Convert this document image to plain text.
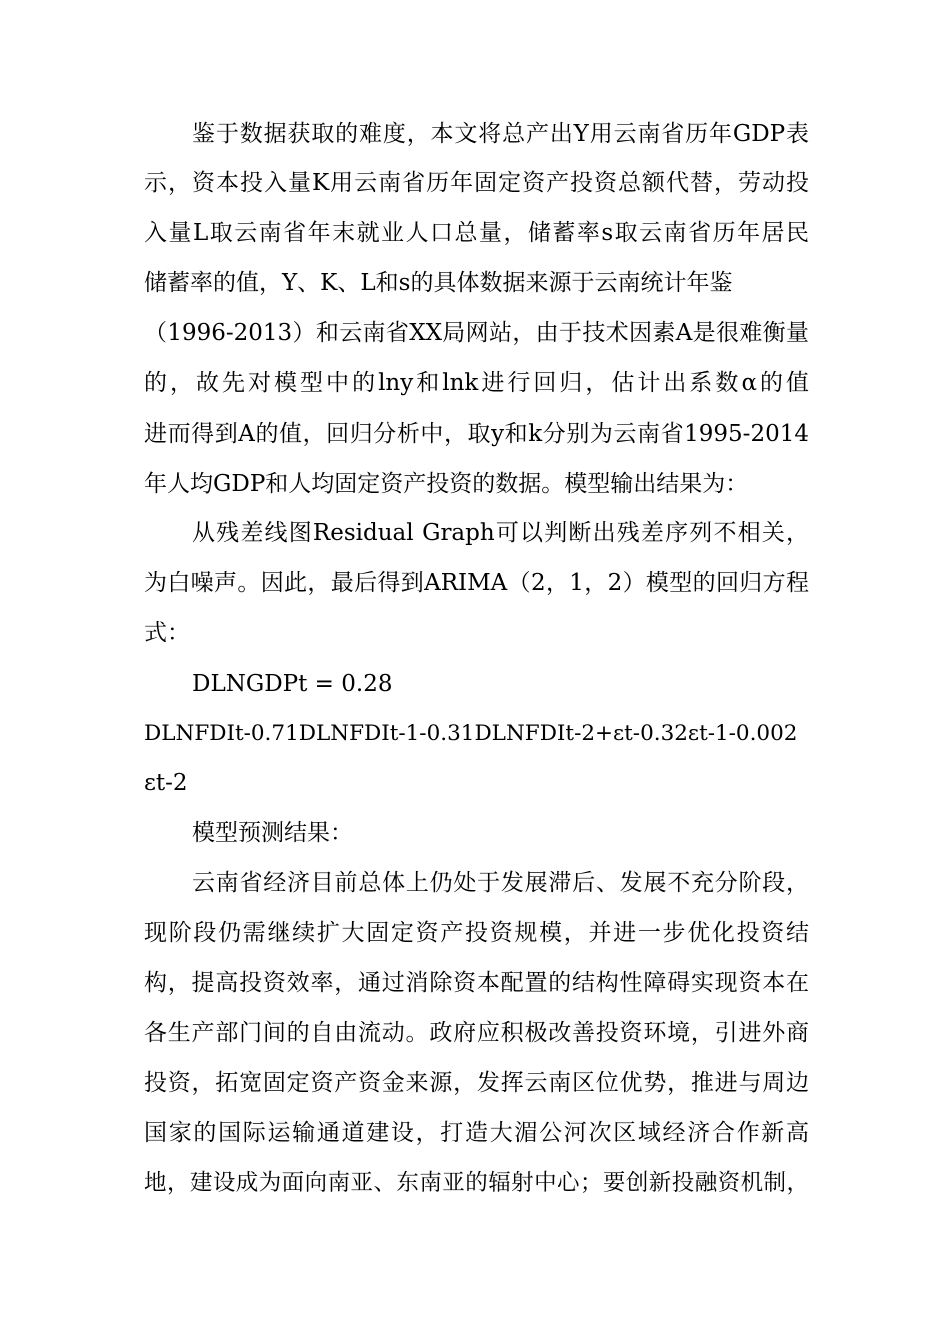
鉴于数据获取的难度，本文将总产出Y用云南省历年GDP表
示，资本投入量K用云南省历年固定资产投资总额代替，劳动投
入量L取云南省年末就业人口总量，储蓄率s取云南省历年居民
储蓄率的值，Y、K、L和s的具体数据来源于云南统计年鉴
（1996-2013）和云南省XX局网站，由于技术因素A是很难衡量
的，故先对模型中的lny和lnk进行回归，估计出系数α的值
进而得到A的值，回归分析中，取y和k分别为云南省1995-2014
年人均GDP和人均固定资产投资的数据。模型输出结果为：
从残差线图Residual Graph可以判断出残差序列不相关，
为白噪声。因此，最后得到ARIMA（2，1，2）模型的回归方程
式：
DLNGDPt = 0.28
DLNFDIt-0.71DLNFDIt-1-0.31DLNFDIt-2+εt-0.32εt-1-0.002
εt-2
模型预测结果：
云南省经济目前总体上仍处于发展滞后、发展不充分阶段，
现阶段仍需继续扩大固定资产投资规模，并进一步优化投资结
构，提高投资效率，通过消除资本配置的结构性障碍实现资本在
各生产部门间的自由流动。政府应积极改善投资环境，引进外商
投资，拓宽固定资产资金来源，发挥云南区位优势，推进与周边
国家的国际运输通道建设，打造大湄公河次区域经济合作新高
地，建设成为面向南亚、东南亚的辐射中心；要创新投融资机制，
